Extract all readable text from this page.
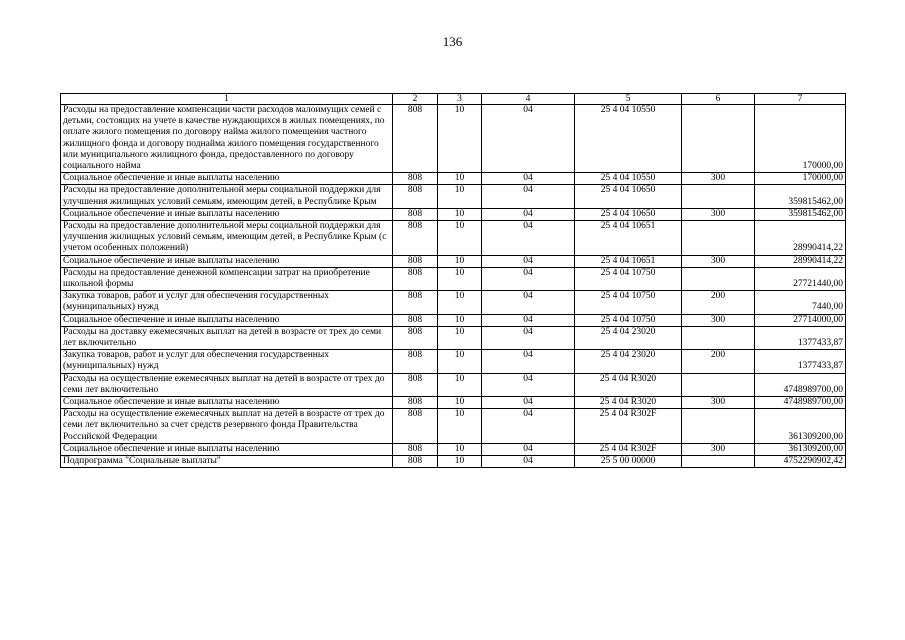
136
1	2	3	4	5	6	7
Расходы на предоставление компенсации части расходов малоимущих семей с детьми, состоящих на учете в качестве нуждающихся в жилых помещениях, по оплате жилого помещения по договору найма жилого помещения частного жилищного фонда и договору поднайма жилого помещения государственного или муниципального жилищного фонда, предоставленного по договору социального найма	808	10	04	25 4 04 10550		170000,00
Социальное обеспечение и иные выплаты населению	808	10	04	25 4 04 10550	300	170000,00
Расходы на предоставление дополнительной меры социальной поддержки для улучшения жилищных условий семьям, имеющим детей, в Республике Крым	808	10	04	25 4 04 10650		359815462,00
Социальное обеспечение и иные выплаты населению	808	10	04	25 4 04 10650	300	359815462,00
Расходы на предоставление дополнительной меры социальной поддержки для улучшения жилищных условий семьям, имеющим детей, в Республике Крым (с учетом особенных положений)	808	10	04	25 4 04 10651		28990414,22
Социальное обеспечение и иные выплаты населению	808	10	04	25 4 04 10651	300	28990414,22
Расходы на предоставление денежной компенсации затрат на приобретение школьной формы	808	10	04	25 4 04 10750		27721440,00
Закупка товаров, работ и услуг для обеспечения государственных (муниципальных) нужд	808	10	04	25 4 04 10750	200	7440,00
Социальное обеспечение и иные выплаты населению	808	10	04	25 4 04 10750	300	27714000,00
Расходы на доставку ежемесячных выплат на детей в возрасте от трех до семи лет включительно	808	10	04	25 4 04 23020		1377433,87
Закупка товаров, работ и услуг для обеспечения государственных (муниципальных) нужд	808	10	04	25 4 04 23020	200	1377433,87
Расходы на осуществление ежемесячных выплат на детей в возрасте от трех до семи лет включительно	808	10	04	25 4 04 R3020		4748989700,00
Социальное обеспечение и иные выплаты населению	808	10	04	25 4 04 R3020	300	4748989700,00
Расходы на осуществление ежемесячных выплат на детей в возрасте от трех до семи лет включительно за счет средств резервного фонда Правительства Российской Федерации	808	10	04	25 4 04 R302F		361309200,00
Социальное обеспечение и иные выплаты населению	808	10	04	25 4 04 R302F	300	361309200,00
Подпрограмма "Социальные выплаты"	808	10	04	25 5 00 00000		4752290902,42
